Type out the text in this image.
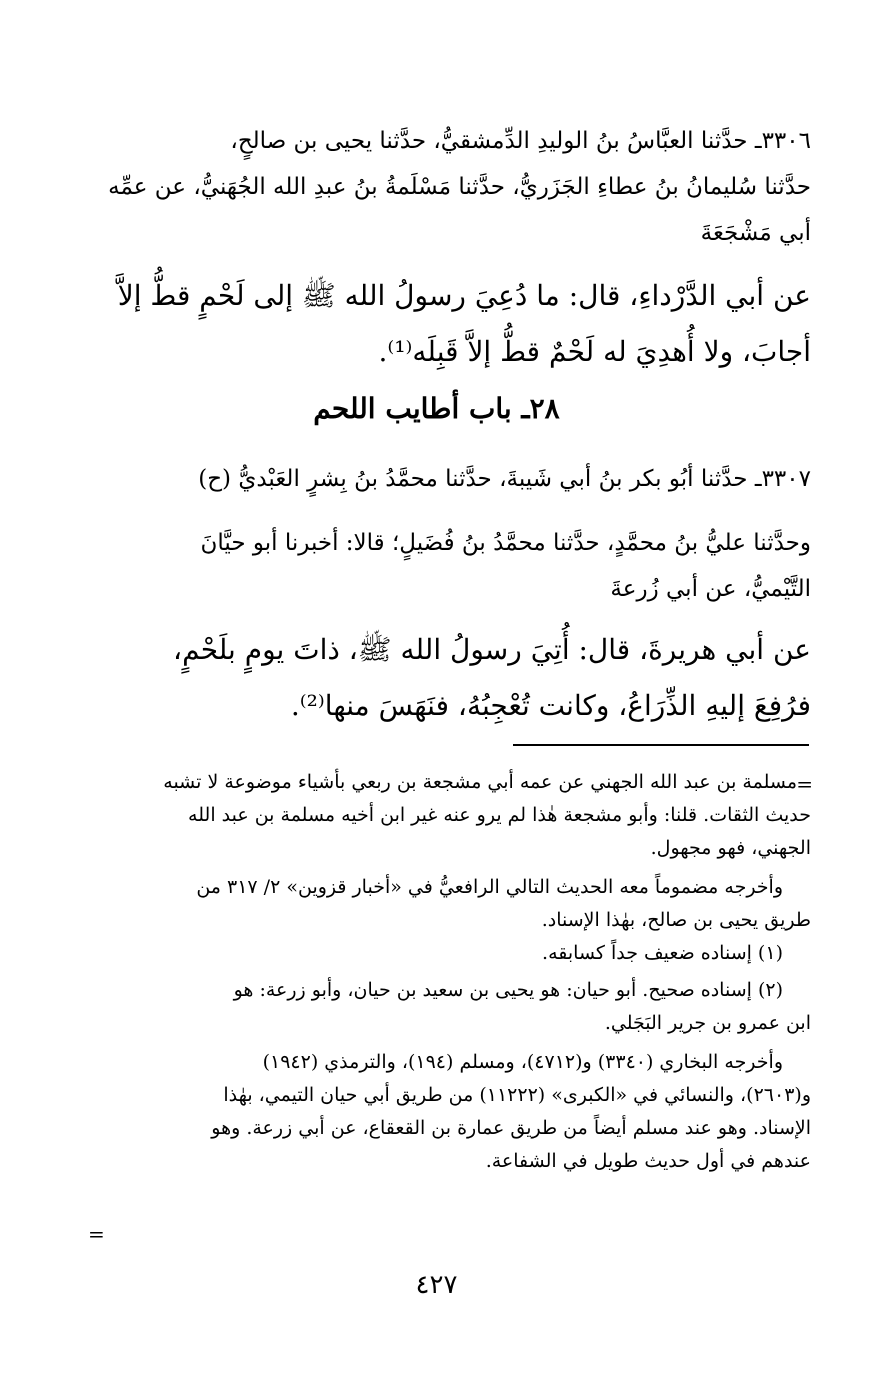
٣٣٠٦ـ حدَّثنا العبَّاسُ بنُ الوليدِ الدِّمشقيُّ، حدَّثنا يحيى بن صالحٍ،
حدَّثنا سُليمانُ بنُ عطاءِ الجَزَريُّ، حدَّثنا مَسْلَمةُ بنُ عبدِ الله الجُهَنيُّ، عن عمِّه
أبي مَشْجَعَةَ
عن أبي الدَّرْداءِ، قال: ما دُعِيَ رسولُ الله ﷺ إلى لَحْمٍ قطُّ إلاَّ
أجابَ، ولا أُهدِيَ له لَحْمٌ قطُّ إلاَّ قَبِلَه⁽¹⁾.
٢٨ـ باب أطايب اللحم
٣٣٠٧ـ حدَّثنا أبُو بكر بنُ أبي شَيبةَ، حدَّثنا محمَّدُ بنُ بِشرٍ العَبْديُّ (ح)
وحدَّثنا عليُّ بنُ محمَّدٍ، حدَّثنا محمَّدُ بنُ فُضَيلٍ؛ قالا: أخبرنا أبو حيَّانَ
التَّيْميُّ، عن أبي زُرعةَ
عن أبي هريرةَ، قال: أُتِيَ رسولُ الله ﷺ، ذاتَ يومٍ بلَحْمٍ،
فرُفِعَ إليهِ الذِّرَاعُ، وكانت تُعْجِبُهُ، فنَهَسَ منها⁽²⁾.
=
مسلمة بن عبد الله الجهني عن عمه أبي مشجعة بن ربعي بأشياء موضوعة لا تشبه
حديث الثقات. قلنا: وأبو مشجعة هٰذا لم يرو عنه غير ابن أخيه مسلمة بن عبد الله
الجهني، فهو مجهول.
وأخرجه مضموماً معه الحديث التالي الرافعيُّ في «أخبار قزوين» ٢/ ٣١٧ من
طريق يحيى بن صالح، بهٰذا الإسناد.
(١) إسناده ضعيف جداً كسابقه.
(٢) إسناده صحيح. أبو حيان: هو يحيى بن سعيد بن حيان، وأبو زرعة: هو
ابن عمرو بن جرير البَجَلي.
وأخرجه البخاري (٣٣٤٠) و(٤٧١٢)، ومسلم (١٩٤)، والترمذي (١٩٤٢)
و(٢٦٠٣)، والنسائي في «الكبرى» (١١٢٢٢) من طريق أبي حيان التيمي، بهٰذا
الإسناد. وهو عند مسلم أيضاً من طريق عمارة بن القعقاع، عن أبي زرعة. وهو
عندهم في أول حديث طويل في الشفاعة.
=
٤٢٧
